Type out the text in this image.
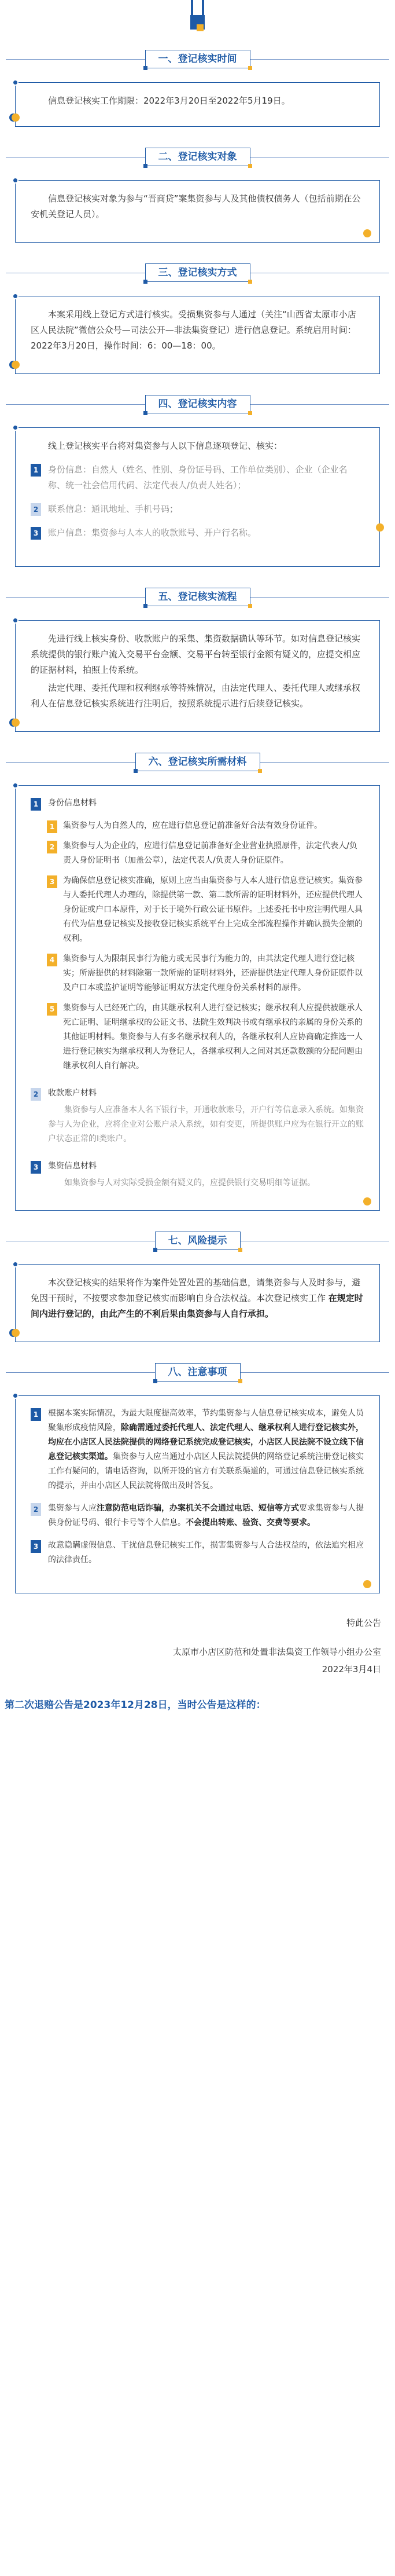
一、登记核实时间

信息登记核实工作期限：2022年3月20日至2022年5月19日。

二、登记核实对象

信息登记核实对象为参与“晋商贷”案集资参与人及其他债权债务人（包括前期在公安机关登记人员）。

三、登记核实方式

本案采用线上登记方式进行核实。受损集资参与人通过（关注“山西省太原市小店区人民法院”微信公众号—司法公开—非法集资登记）进行信息登记。系统启用时间：2022年3月20日，操作时间：6：00—18：00。

四、登记核实内容

线上登记核实平台将对集资参与人以下信息逐项登记、核实：

1	身份信息：自然人（姓名、性别、身份证号码、工作单位类别）、企业（企业名称、统一社会信用代码、法定代表人/负责人姓名）；
2	联系信息：通讯地址、手机号码；
3	账户信息：集资参与人本人的收款账号、开户行名称。
五、登记核实流程

先进行线上核实身份、收款账户的采集、集资数据确认等环节。如对信息登记核实系统提供的银行账户流入交易平台金额、交易平台转至银行金额有疑义的，应提交相应的证据材料，拍照上传系统。

法定代理、委托代理和权利继承等特殊情况，由法定代理人、委托代理人或继承权利人在信息登记核实系统进行注明后，按照系统提示进行后续登记核实。

六、登记核实所需材料
1	身份信息材料
1	集资参与人为自然人的，应在进行信息登记前准备好合法有效身份证件。
2	集资参与人为企业的，应进行信息登记前准备好企业营业执照原件，法定代表人/负责人身份证明书（加盖公章），法定代表人/负责人身份证原件。
3	为确保信息登记核实准确，原则上应当由集资参与人本人进行信息登记核实。集资参与人委托代理人办理的，除提供第一款、第二款所需的证明材料外，还应提供代理人身份证或户口本原件，对于长于境外行政公证书原件。上述委托书中应注明代理人具有代为信息登记核实及接收登记核实系统平台上完成全部流程操作并确认损失金额的权利。
4	集资参与人为限制民事行为能力或无民事行为能力的，由其法定代理人进行登记核实；所需提供的材料除第一款所需的证明材料外，还需提供法定代理人身份证原件以及户口本或监护证明等能够证明双方法定代理身份关系材料的原件。
5	集资参与人已经死亡的，由其继承权利人进行登记核实；继承权利人应提供被继承人死亡证明、证明继承权的公证文书、法院生效判决书或有继承权的亲属的身份关系的其他证明材料。集资参与人有多名继承权利人的，各继承权利人应协商确定推选一人进行登记核实为继承权利人为登记人，各继承权利人之间对其还款数额的分配问题由继承权利人自行解决。
2	收款账户材料

集资参与人应准备本人名下银行卡，开通收款账号，开户行等信息录入系统。如集资参与人为企业，应将企业对公账户录入系统，如有变更，所提供账户应为在银行开立的账户状态正常的Ⅰ类账户。

3	集资信息材料

如集资参与人对实际受损金额有疑义的，应提供银行交易明细等证据。

七、风险提示

本次登记核实的结果将作为案件处置处置的基础信息，请集资参与人及时参与，避免因干预时，不按要求参加登记核实而影响自身合法权益。本次登记核实工作 在规定时间内进行登记的，由此产生的不利后果由集资参与人自行承担。

八、注意事项
1	根据本案实际情况，为最大限度提高效率，节约集资参与人信息登记核实成本，避免人员聚集形成疫情风险，除确需通过委托代理人、法定代理人、继承权利人进行登记核实外，均应在小店区人民法院提供的网络登记系统完成登记核实，小店区人民法院不设立线下信息登记核实渠道。集资参与人应当通过小店区人民法院提供的网络登记系统注册登记核实工作有疑问的，请电话咨询，以所开设的官方有关联系渠道的，可通过信息登记核实系统的提示，并由小店区人民法院将做出及时答复。
2	集资参与人应注意防范电话诈骗，办案机关不会通过电话、短信等方式要求集资参与人提供身份证号码、银行卡号等个人信息。不会提出转账、验资、交费等要求。
3	故意隐瞒虚假信息、干扰信息登记核实工作，损害集资参与人合法权益的，依法追究相应的法律责任。
特此公告
太原市小店区防范和处置非法集资工作领导小组办公室
2022年3月4日
第二次退赔公告是2023年12月28日，当时公告是这样的：
